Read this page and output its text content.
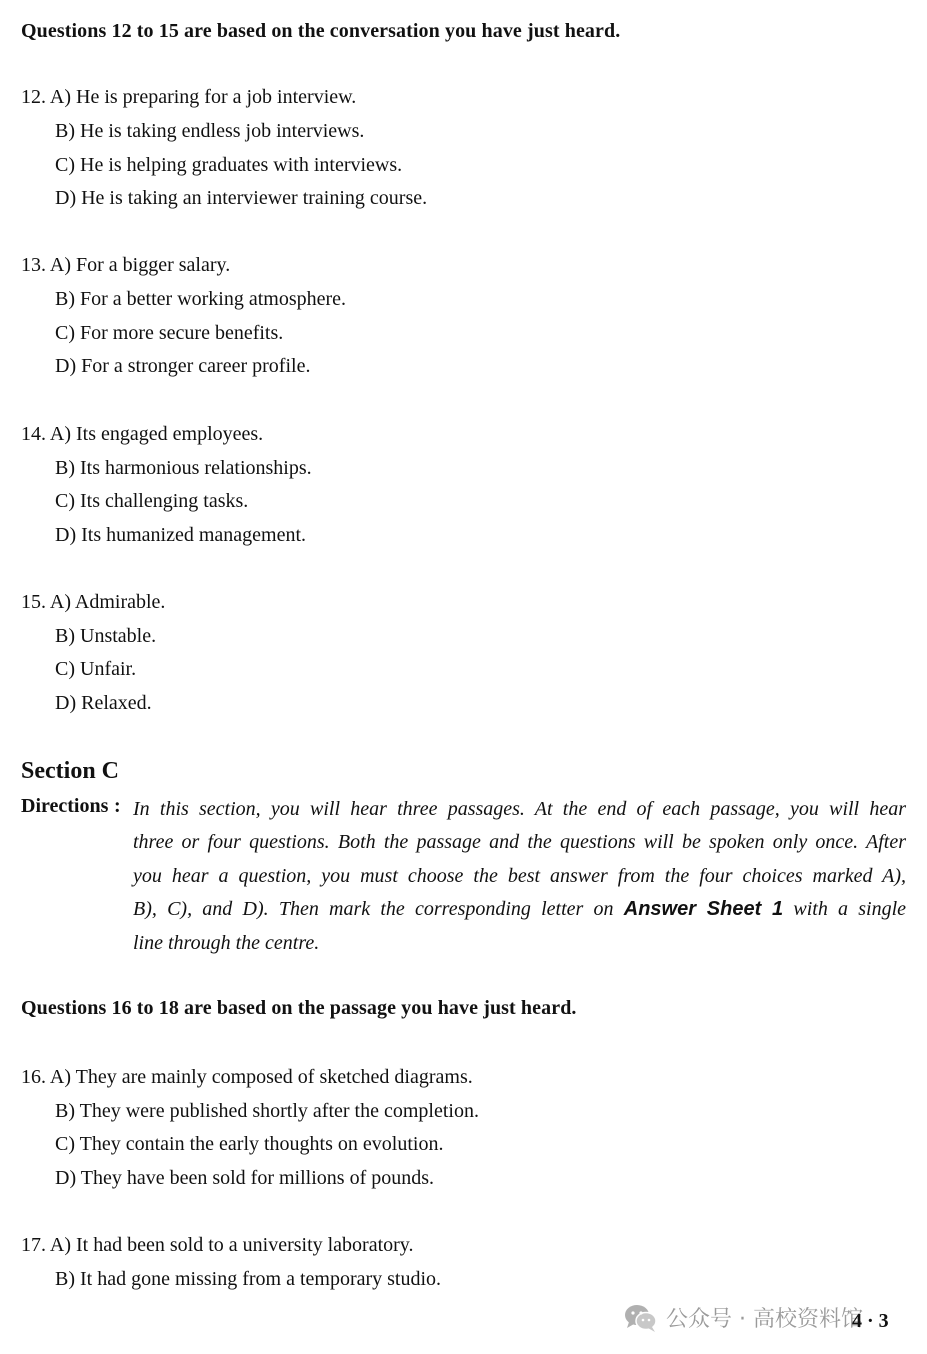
Questions 12 to 15 are based on the conversation you have just heard.
12. A) He is preparing for a job interview.
B) He is taking endless job interviews.
C) He is helping graduates with interviews.
D) He is taking an interviewer training course.
13. A) For a bigger salary.
B) For a better working atmosphere.
C) For more secure benefits.
D) For a stronger career profile.
14. A) Its engaged employees.
B) Its harmonious relationships.
C) Its challenging tasks.
D) Its humanized management.
15. A) Admirable.
B) Unstable.
C) Unfair.
D) Relaxed.
Section C
Directions : In this section, you will hear three passages. At the end of each passage, you will hear
three or four questions. Both the passage and the questions will be spoken only once. After
you hear a question, you must choose the best answer from the four choices marked A),
B), C), and D). Then mark the corresponding letter on Answer Sheet 1 with a single
line through the centre.
Questions 16 to 18 are based on the passage you have just heard.
16. A) They are mainly composed of sketched diagrams.
B) They were published shortly after the completion.
C) They contain the early thoughts on evolution.
D) They have been sold for millions of pounds.
17. A) It had been sold to a university laboratory.
B) It had gone missing from a temporary studio.
公众号 · 高校资料馆
4 · 3
